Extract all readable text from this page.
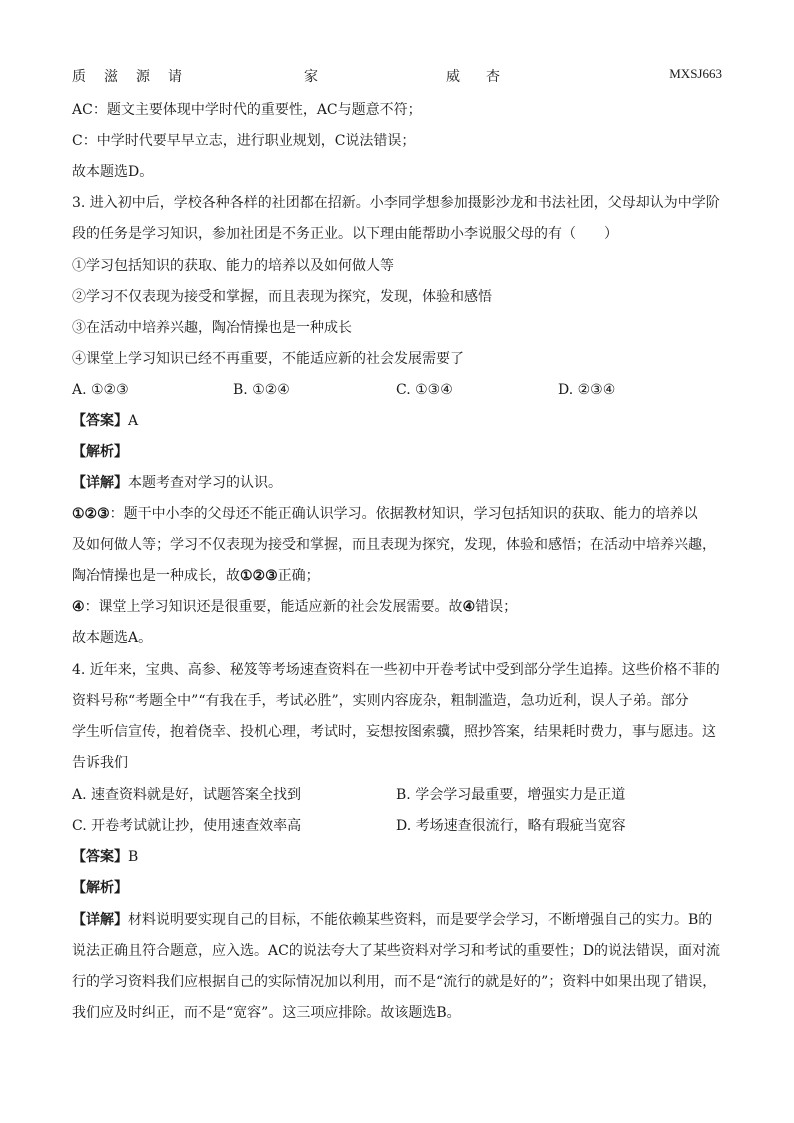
质 滋 源 请	家	威 杏	MXSJ663
AC：题文主要体现中学时代的重要性，AC与题意不符；
C：中学时代要早早立志，进行职业规划，C说法错误；
故本题选D。
3. 进入初中后，学校各种各样的社团都在招新。小李同学想参加摄影沙龙和书法社团，父母却认为中学阶
段的任务是学习知识，参加社团是不务正业。以下理由能帮助小李说服父母的有（　　）
①学习包括知识的获取、能力的培养以及如何做人等
②学习不仅表现为接受和掌握，而且表现为探究，发现，体验和感悟
③在活动中培养兴趣，陶冶情操也是一种成长
④课堂上学习知识已经不再重要，不能适应新的社会发展需要了
A. ①②③	B. ①②④	C. ①③④	D. ②③④
【答案】A
【解析】
【详解】本题考查对学习的认识。
①②③：题干中小李的父母还不能正确认识学习。依据教材知识，学习包括知识的获取、能力的培养以
及如何做人等；学习不仅表现为接受和掌握，而且表现为探究，发现，体验和感悟；在活动中培养兴趣，
陶冶情操也是一种成长，故①②③正确；
④：课堂上学习知识还是很重要，能适应新的社会发展需要。故④错误；
故本题选A。
4. 近年来，宝典、高参、秘笈等考场速查资料在一些初中开卷考试中受到部分学生追捧。这些价格不菲的
资料号称“考题全中”“有我在手，考试必胜”，实则内容庞杂，粗制滥造，急功近利，误人子弟。部分
学生听信宣传，抱着侥幸、投机心理，考试时，妄想按图索骥，照抄答案，结果耗时费力，事与愿违。这
告诉我们
A. 速查资料就是好，试题答案全找到	B. 学会学习最重要，增强实力是正道
C. 开卷考试就让抄，使用速查效率高	D. 考场速查很流行，略有瑕疵当宽容
【答案】B
【解析】
【详解】材料说明要实现自己的目标，不能依赖某些资料，而是要学会学习，不断增强自己的实力。B的
说法正确且符合题意，应入选。AC的说法夸大了某些资料对学习和考试的重要性；D的说法错误，面对流
行的学习资料我们应根据自己的实际情况加以利用，而不是“流行的就是好的”；资料中如果出现了错误，
我们应及时纠正，而不是“宽容”。这三项应排除。故该题选B。
